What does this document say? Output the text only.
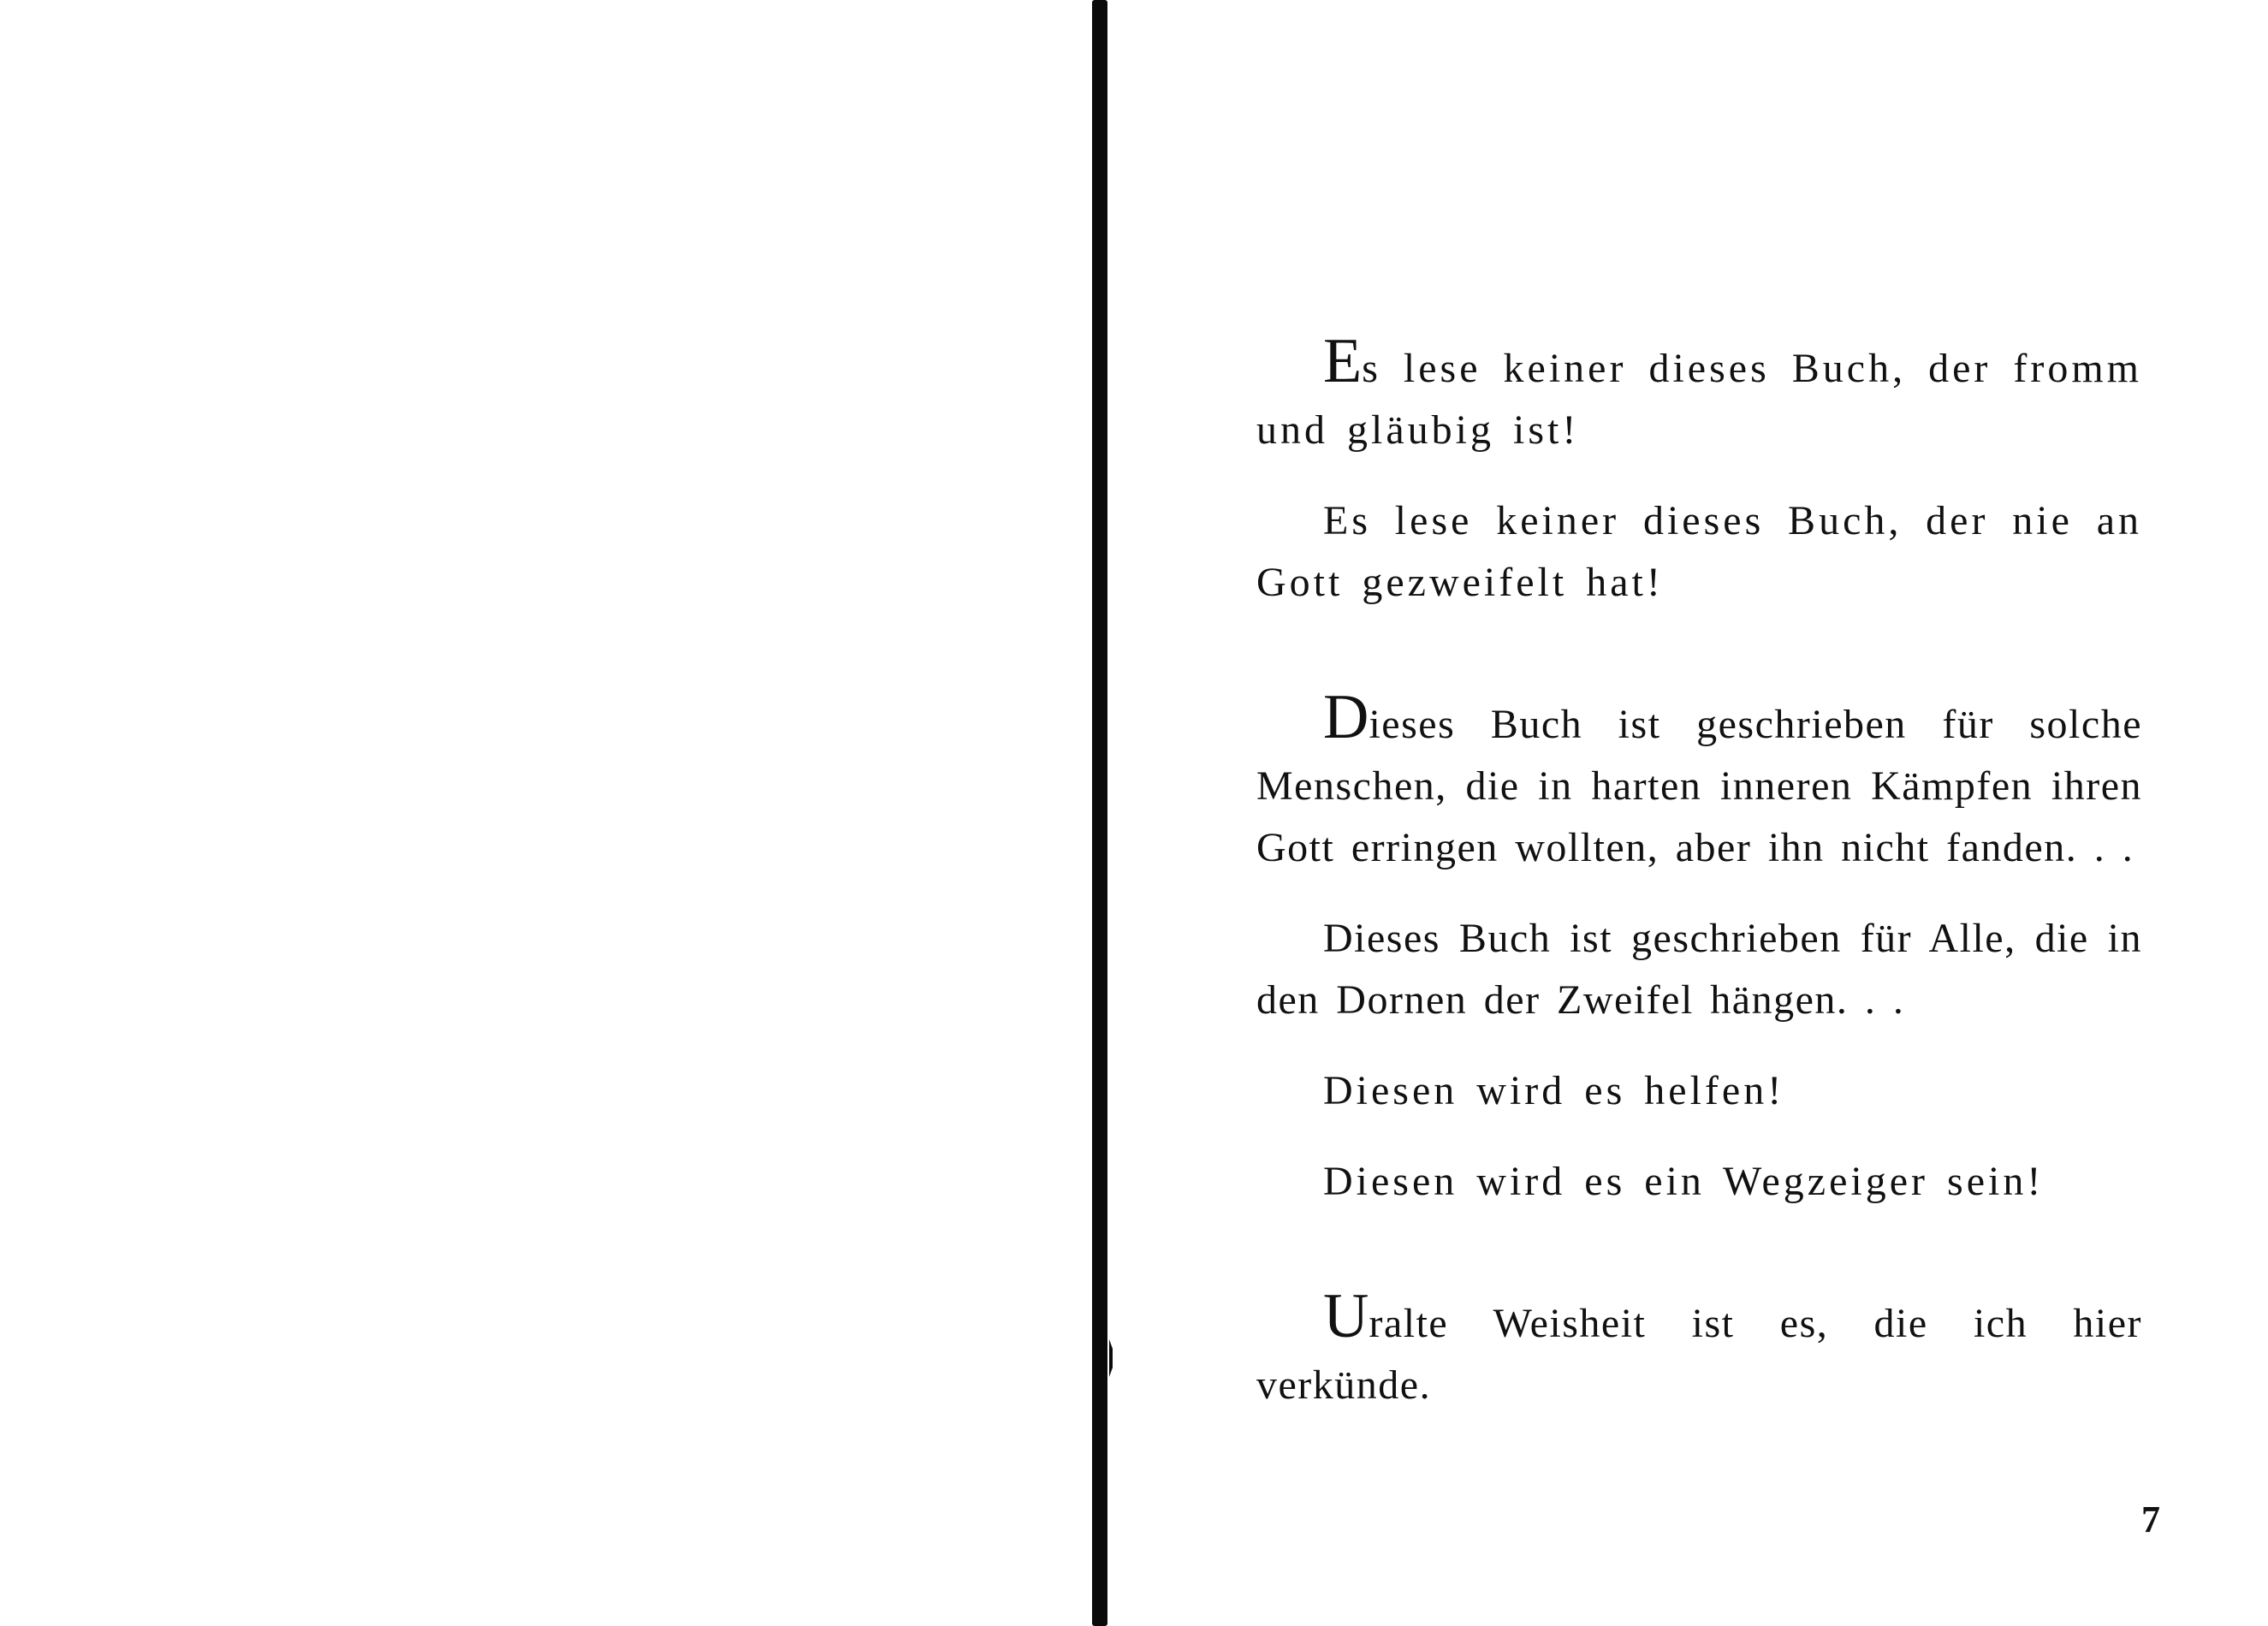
Es lese keiner dieses Buch, der fromm und gläubig ist!

Es lese keiner dieses Buch, der nie an Gott gezweifelt hat!

Dieses Buch ist geschrieben für solche Menschen, die in harten inneren Kämpfen ihren Gott erringen wollten, aber ihn nicht fanden. . .

Dieses Buch ist geschrieben für Alle, die in den Dornen der Zweifel hängen. . .

Diesen wird es helfen!

Diesen wird es ein Wegzeiger sein!

Uralte Weisheit ist es, die ich hier verkünde.

7
